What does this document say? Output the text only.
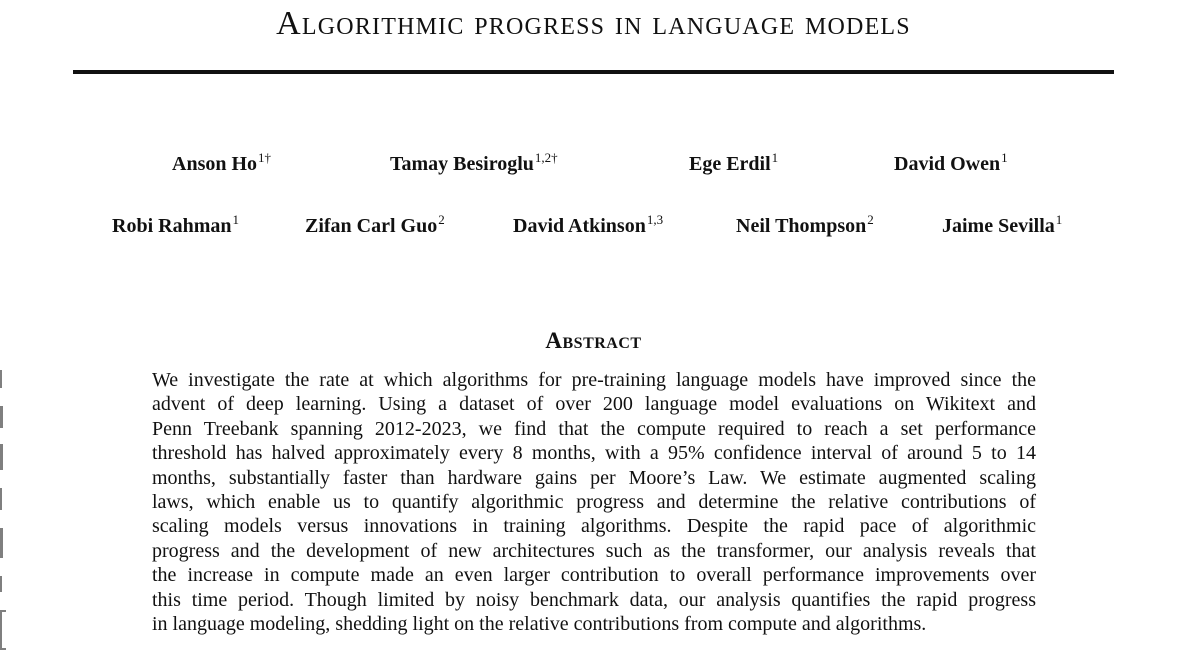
Algorithmic progress in language models
Anson $Ho^{1\dagger}$	Tamay Besiroglu$^{1,2\dagger}$	Ege Erdil$^1$	David Owen$^1$
Robi Rahman$^1$	Zifan Carl Guo$^2$	David Atkinson$^{1,3}$	Neil Thompson$^2$	Jaime Sevilla$^1$
Abstract
We investigate the rate at which algorithms for pre-training language models have improved since the
advent of deep learning. Using a dataset of over 200 language model evaluations on Wikitext and
Penn Treebank spanning 2012-2023, we find that the compute required to reach a set performance
threshold has halved approximately every 8 months, with a 95% confidence interval of around 5 to 14
months, substantially faster than hardware gains per Moore’s Law. We estimate augmented scaling
laws, which enable us to quantify algorithmic progress and determine the relative contributions of
scaling models versus innovations in training algorithms. Despite the rapid pace of algorithmic
progress and the development of new architectures such as the transformer, our analysis reveals that
the increase in compute made an even larger contribution to overall performance improvements over
this time period. Though limited by noisy benchmark data, our analysis quantifies the rapid progress
in language modeling, shedding light on the relative contributions from compute and algorithms.
